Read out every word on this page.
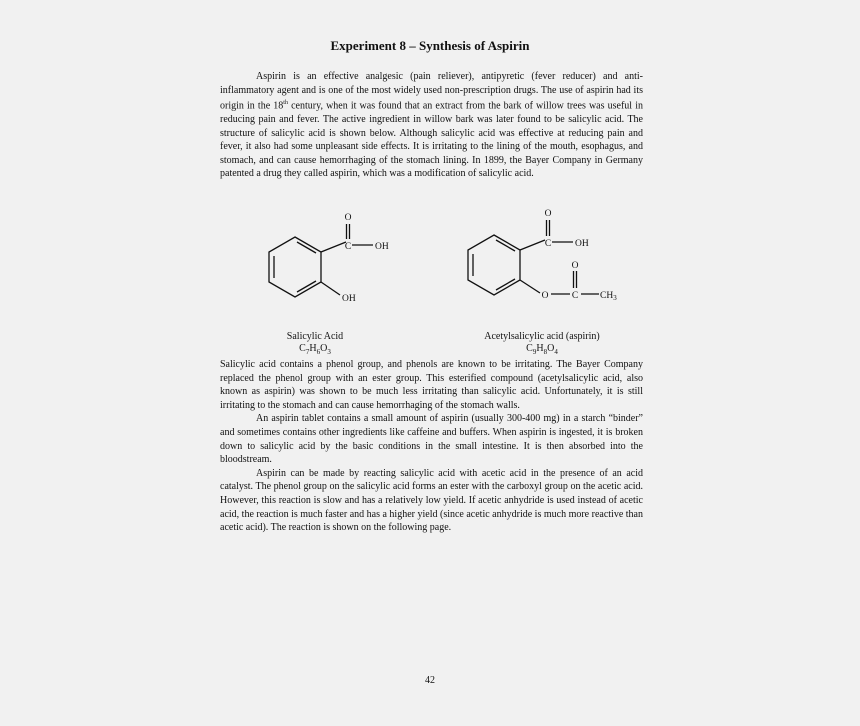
Experiment 8 – Synthesis of Aspirin

Aspirin is an effective analgesic (pain reliever), antipyretic (fever reducer) and anti-inflammatory agent and is one of the most widely used non-prescription drugs. The use of aspirin had its origin in the 18th century, when it was found that an extract from the bark of willow trees was useful in reducing pain and fever. The active ingredient in willow bark was later found to be salicylic acid. The structure of salicylic acid is shown below. Although salicylic acid was effective at reducing pain and fever, it also had some unpleasant side effects. It is irritating to the lining of the mouth, esophagus, and stomach, and can cause hemorrhaging of the stomach lining. In 1899, the Bayer Company in Germany patented a drug they called aspirin, which was a modification of salicylic acid.

O
C	OH
OH
O
C	OH
O
O C $CH_3$
Salicylic Acid
$C_7H_6O_3$
Acetylsalicylic acid (aspirin)
$C_9H_8O_4$

Salicylic acid contains a phenol group, and phenols are known to be irritating. The Bayer Company replaced the phenol group with an ester group. This esterified compound (acetylsalicylic acid, also known as aspirin) was shown to be much less irritating than salicylic acid. Unfortunately, it is still irritating to the stomach and can cause hemorrhaging of the stomach walls.

An aspirin tablet contains a small amount of aspirin (usually 300-400 mg) in a starch “binder” and sometimes contains other ingredients like caffeine and buffers. When aspirin is ingested, it is broken down to salicylic acid by the basic conditions in the small intestine. It is then absorbed into the bloodstream.

Aspirin can be made by reacting salicylic acid with acetic acid in the presence of an acid catalyst. The phenol group on the salicylic acid forms an ester with the carboxyl group on the acetic acid. However, this reaction is slow and has a relatively low yield. If acetic anhydride is used instead of acetic acid, the reaction is much faster and has a higher yield (since acetic anhydride is much more reactive than acetic acid). The reaction is shown on the following page.

42
